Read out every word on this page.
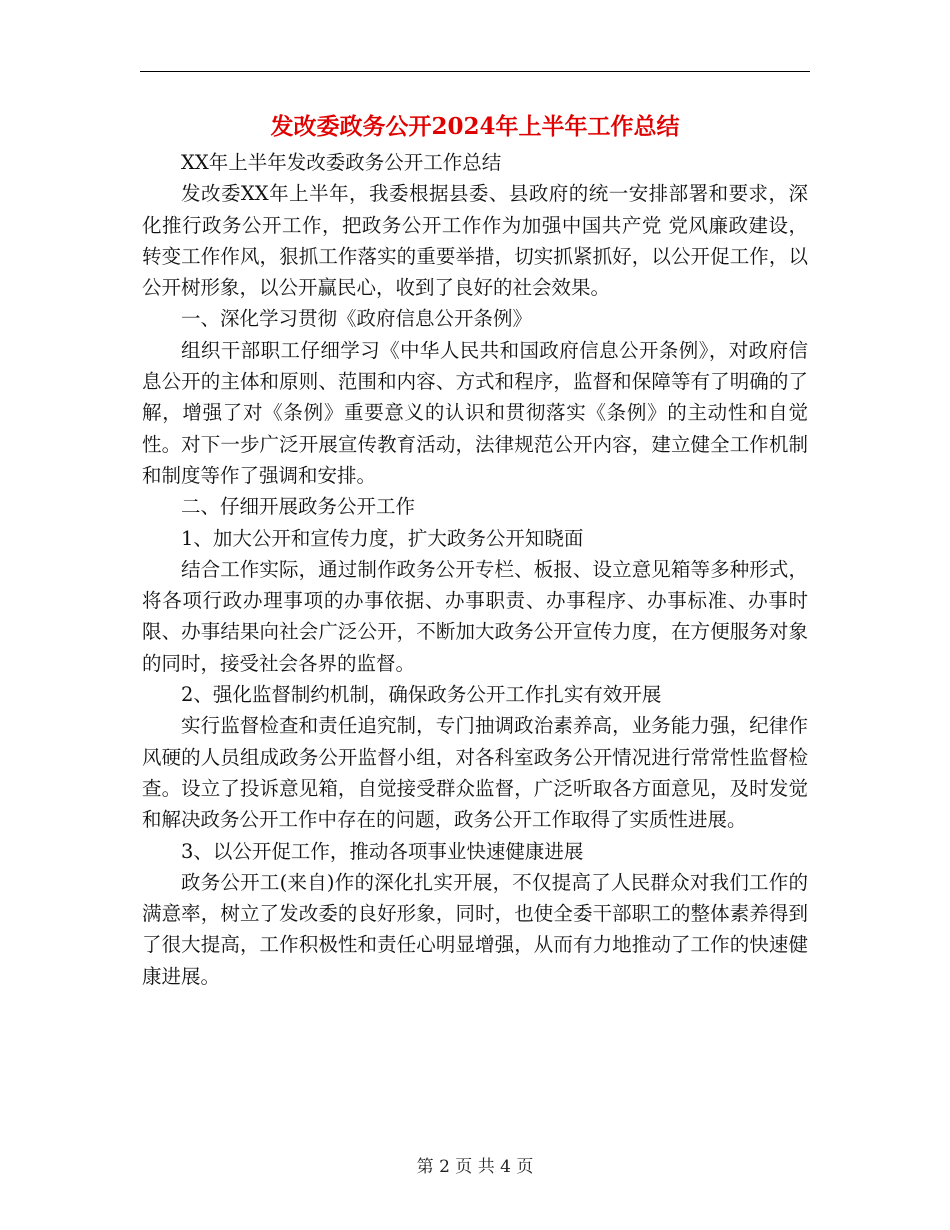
发改委政务公开2024年上半年工作总结

XX年上半年发改委政务公开工作总结

发改委XX年上半年，我委根据县委、县政府的统一安排部署和要求，深化推行政务公开工作，把政务公开工作作为加强中国共产党 党风廉政建设，转变工作作风，狠抓工作落实的重要举措，切实抓紧抓好，以公开促工作，以公开树形象，以公开赢民心，收到了良好的社会效果。

一、深化学习贯彻《政府信息公开条例》

组织干部职工仔细学习《中华人民共和国政府信息公开条例》，对政府信息公开的主体和原则、范围和内容、方式和程序，监督和保障等有了明确的了解，增强了对《条例》重要意义的认识和贯彻落实《条例》的主动性和自觉性。对下一步广泛开展宣传教育活动，法律规范公开内容，建立健全工作机制和制度等作了强调和安排。

二、仔细开展政务公开工作

1、加大公开和宣传力度，扩大政务公开知晓面

结合工作实际，通过制作政务公开专栏、板报、设立意见箱等多种形式，将各项行政办理事项的办事依据、办事职责、办事程序、办事标准、办事时限、办事结果向社会广泛公开，不断加大政务公开宣传力度，在方便服务对象的同时，接受社会各界的监督。

2、强化监督制约机制，确保政务公开工作扎实有效开展

实行监督检查和责任追究制，专门抽调政治素养高，业务能力强，纪律作风硬的人员组成政务公开监督小组，对各科室政务公开情况进行常常性监督检查。设立了投诉意见箱，自觉接受群众监督，广泛听取各方面意见，及时发觉和解决政务公开工作中存在的问题，政务公开工作取得了实质性进展。

3、以公开促工作，推动各项事业快速健康进展

政务公开工(来自)作的深化扎实开展，不仅提高了人民群众对我们工作的满意率，树立了发改委的良好形象，同时，也使全委干部职工的整体素养得到了很大提高，工作积极性和责任心明显增强，从而有力地推动了工作的快速健康进展。

第 2 页 共 4 页
